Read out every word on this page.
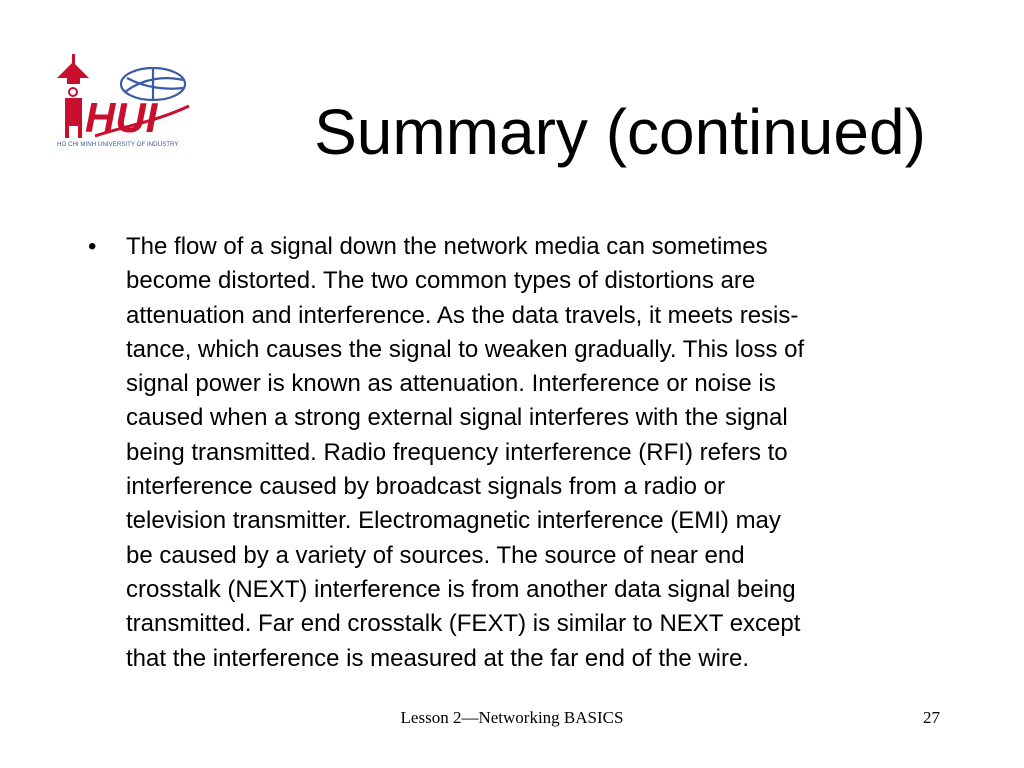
HUI
HO CHI MINH UNIVERSITY OF INDUSTRY	Summary (continued)
• The flow of a signal down the network media can sometimes
become distorted. The two common types of distortions are
attenuation and interference. As the data travels, it meets resis-
tance, which causes the signal to weaken gradually. This loss of
signal power is known as attenuation. Interference or noise is
caused when a strong external signal interferes with the signal
being transmitted. Radio frequency interference (RFI) refers to
interference caused by broadcast signals from a radio or
television transmitter. Electromagnetic interference (EMI) may
be caused by a variety of sources. The source of near end
crosstalk (NEXT) interference is from another data signal being
transmitted. Far end crosstalk (FEXT) is similar to NEXT except
that the interference is measured at the far end of the wire.
Lesson 2—Networking BASICS	27
